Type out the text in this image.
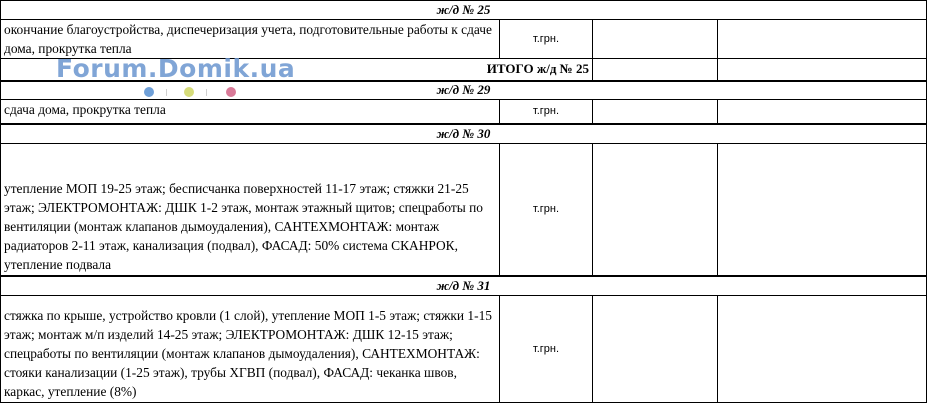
ж/д № 25			
окончание благоустройства, диспечеризация учета, подготовительные работы к сдаче дома, прокрутка тепла	т.грн.		
ИТОГО ж/д № 25			
ж/д № 29			
сдача дома, прокрутка тепла	т.грн.		
ж/д № 30			
утепление МОП 19-25 этаж; бесписчанка поверхностей 11-17 этаж; стяжки 21-25 этаж; ЭЛЕКТРОМОНТАЖ: ДШК 1-2 этаж, монтаж этажный щитов; спецработы по вентиляции (монтаж клапанов дымоудаления), САНТЕХМОНТАЖ: монтаж радиаторов 2-11 этаж, канализация (подвал), ФАСАД: 50% система СКАНРОК, утепление подвала	т.грн.		
ж/д № 31			

стяжка по крыше, устройство кровли (1 слой), утепление МОП 1-5 этаж; стяжки 1-15 этаж; монтаж м/п изделий 14-25 этаж; ЭЛЕКТРОМОНТАЖ: ДШК 12-15 этаж; спецработы по вентиляции (монтаж клапанов дымоудаления), САНТЕХМОНТАЖ: стояки канализации (1-25 этаж), трубы ХГВП (подвал), ФАСАД: чеканка швов, каркас, утепление (8%)	т.грн.		
Forum.Domik.ua
